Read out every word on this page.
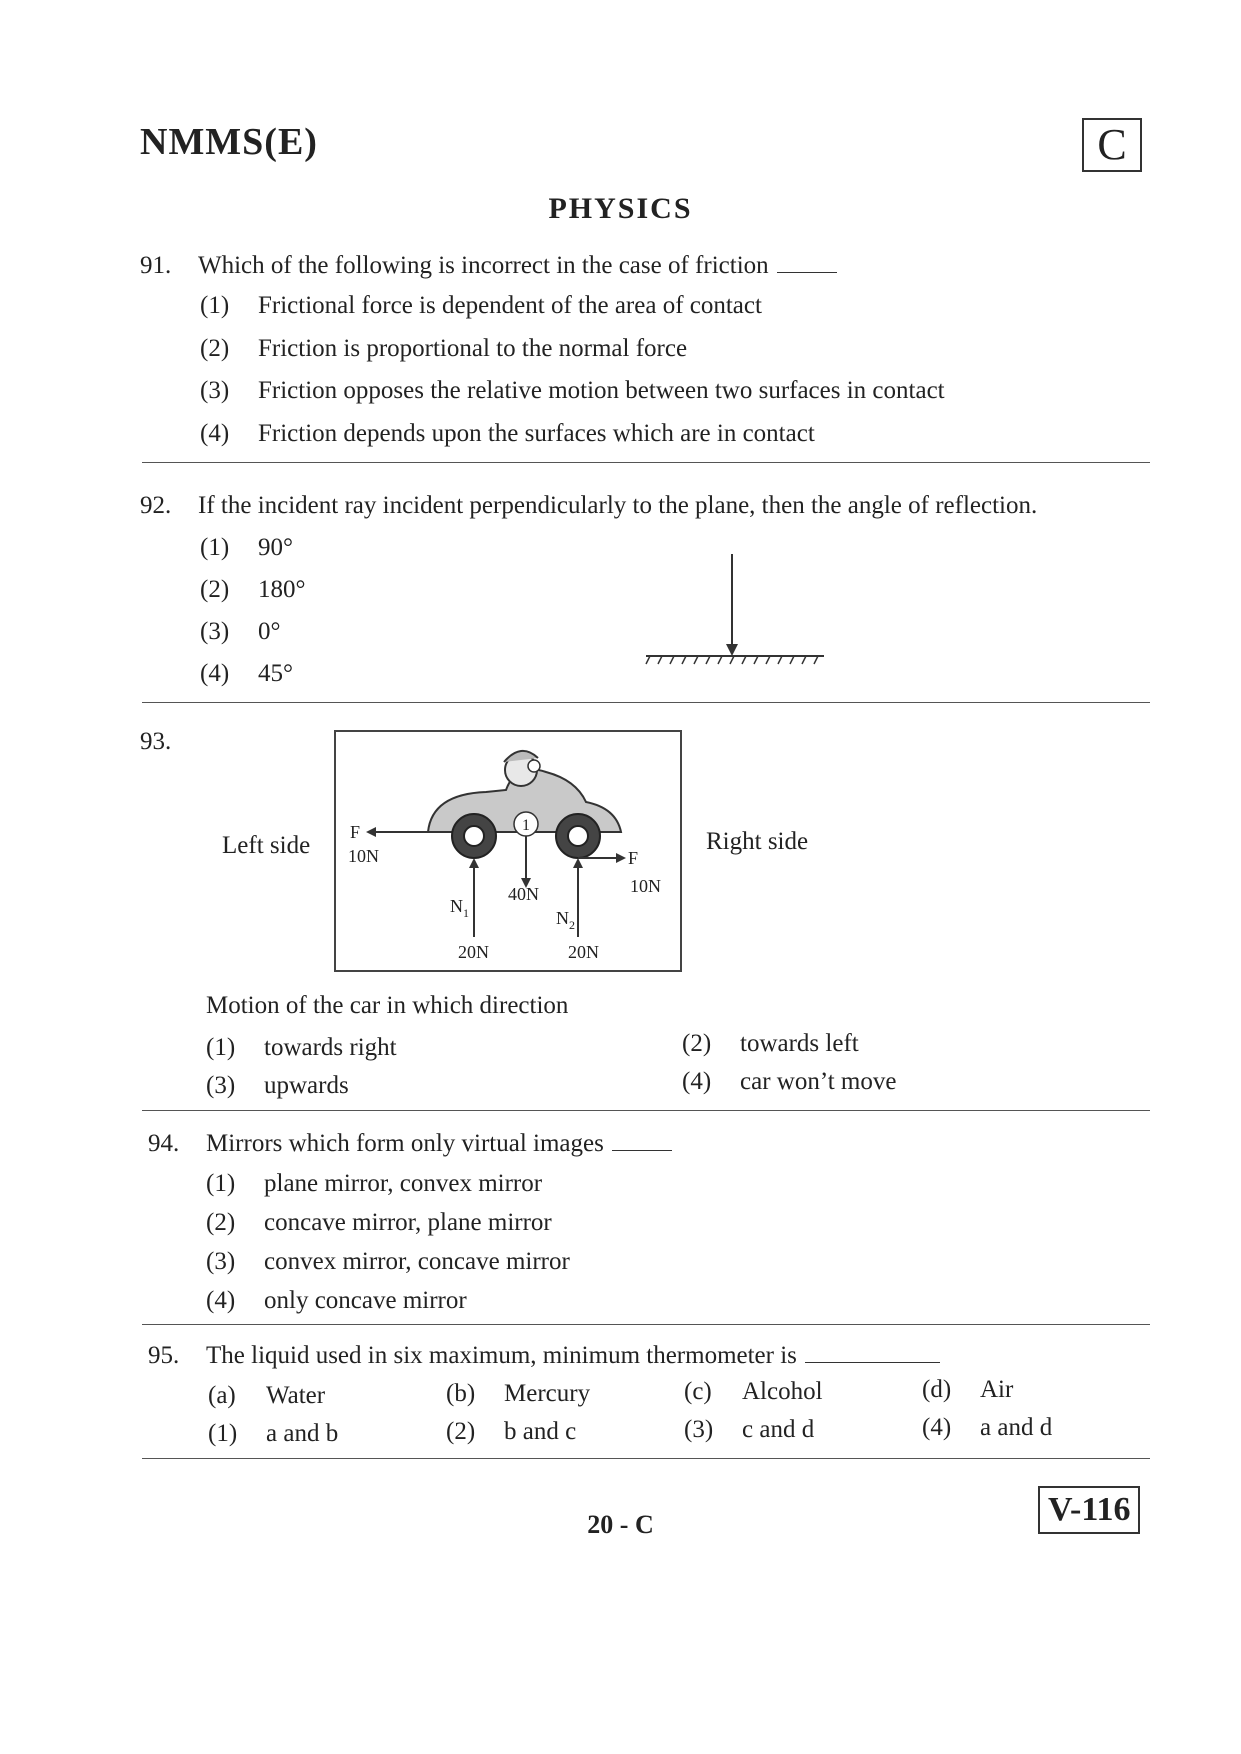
NMMS(E)	C
PHYSICS
91. Which of the following is incorrect in the case of friction
(1) Frictional force is dependent of the area of contact
(2) Friction is proportional to the normal force
(3) Friction opposes the relative motion between two surfaces in contact
(4) Friction depends upon the surfaces which are in contact
92. If the incident ray incident perpendicularly to the plane, then the angle of reflection.
(1) 90°
(2) 180°
(3) 0°
(4) 45°
93.
Left side	Right side
1
F
10N	F
10N
40N
$N_1$
20N
$N_2$
20N
Motion of the car in which direction
(1) towards right	(2) towards left
(3) upwards	(4) car won’t move
94. Mirrors which form only virtual images
(1) plane mirror, convex mirror
(2) concave mirror, plane mirror
(3) convex mirror, concave mirror
(4) only concave mirror
95. The liquid used in six maximum, minimum thermometer is
(a) Water	(b) Mercury	(c) Alcohol	(d) Air
(1) a and b	(2) b and c	(3) c and d	(4) a and d
20 - C	V-116
